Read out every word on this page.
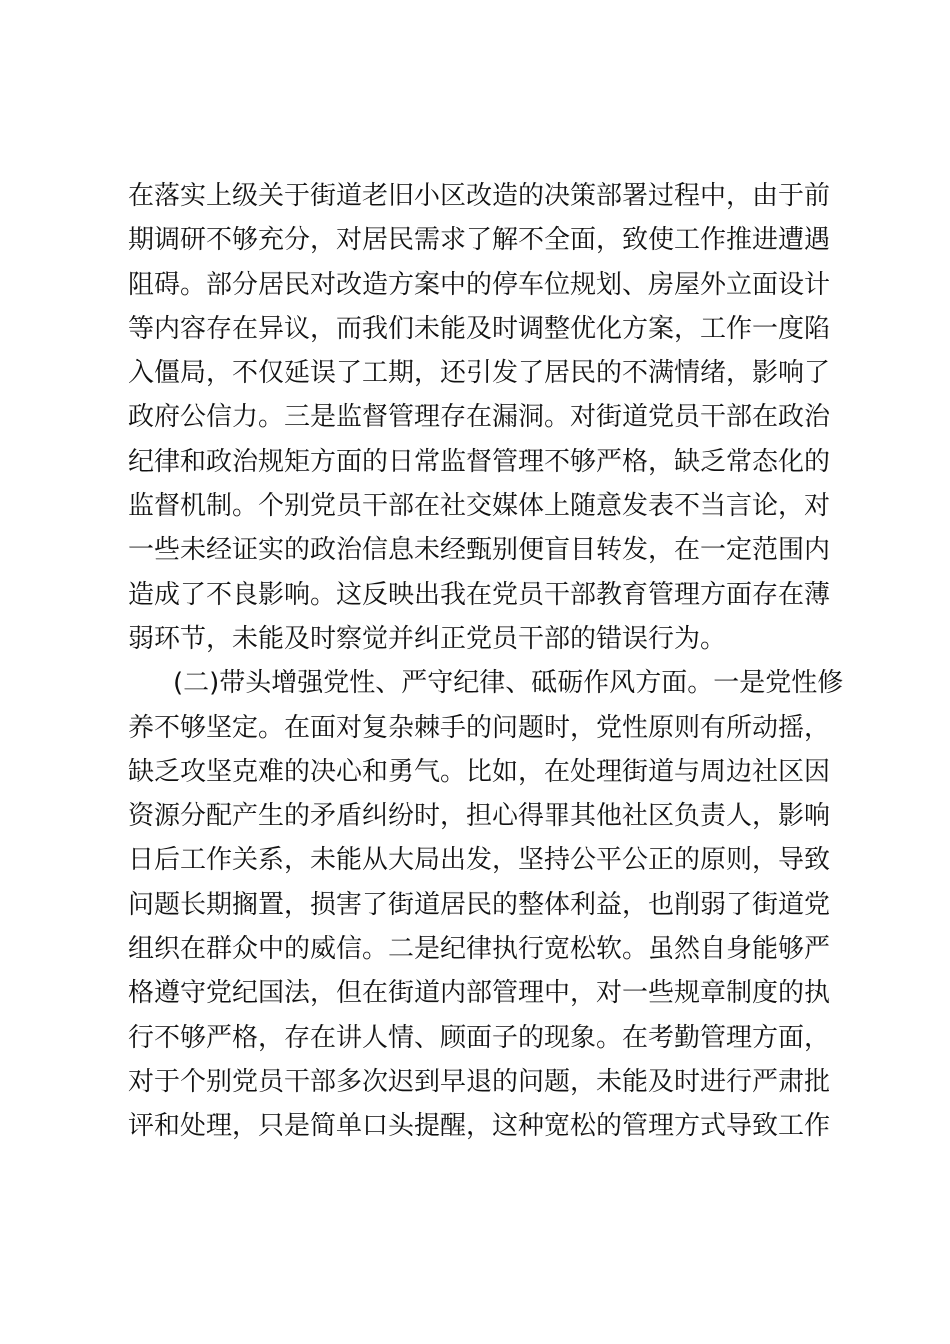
在落实上级关于街道老旧小区改造的决策部署过程中，由于前
期调研不够充分，对居民需求了解不全面，致使工作推进遭遇
阻碍。部分居民对改造方案中的停车位规划、房屋外立面设计
等内容存在异议，而我们未能及时调整优化方案，工作一度陷
入僵局，不仅延误了工期，还引发了居民的不满情绪，影响了
政府公信力。三是监督管理存在漏洞。对街道党员干部在政治
纪律和政治规矩方面的日常监督管理不够严格，缺乏常态化的
监督机制。个别党员干部在社交媒体上随意发表不当言论，对
一些未经证实的政治信息未经甄别便盲目转发，在一定范围内
造成了不良影响。这反映出我在党员干部教育管理方面存在薄
弱环节，未能及时察觉并纠正党员干部的错误行为。
(二)带头增强党性、严守纪律、砥砺作风方面。一是党性修
养不够坚定。在面对复杂棘手的问题时，党性原则有所动摇，
缺乏攻坚克难的决心和勇气。比如，在处理街道与周边社区因
资源分配产生的矛盾纠纷时，担心得罪其他社区负责人，影响
日后工作关系，未能从大局出发，坚持公平公正的原则，导致
问题长期搁置，损害了街道居民的整体利益，也削弱了街道党
组织在群众中的威信。二是纪律执行宽松软。虽然自身能够严
格遵守党纪国法，但在街道内部管理中，对一些规章制度的执
行不够严格，存在讲人情、顾面子的现象。在考勤管理方面，
对于个别党员干部多次迟到早退的问题，未能及时进行严肃批
评和处理，只是简单口头提醒，这种宽松的管理方式导致工作
